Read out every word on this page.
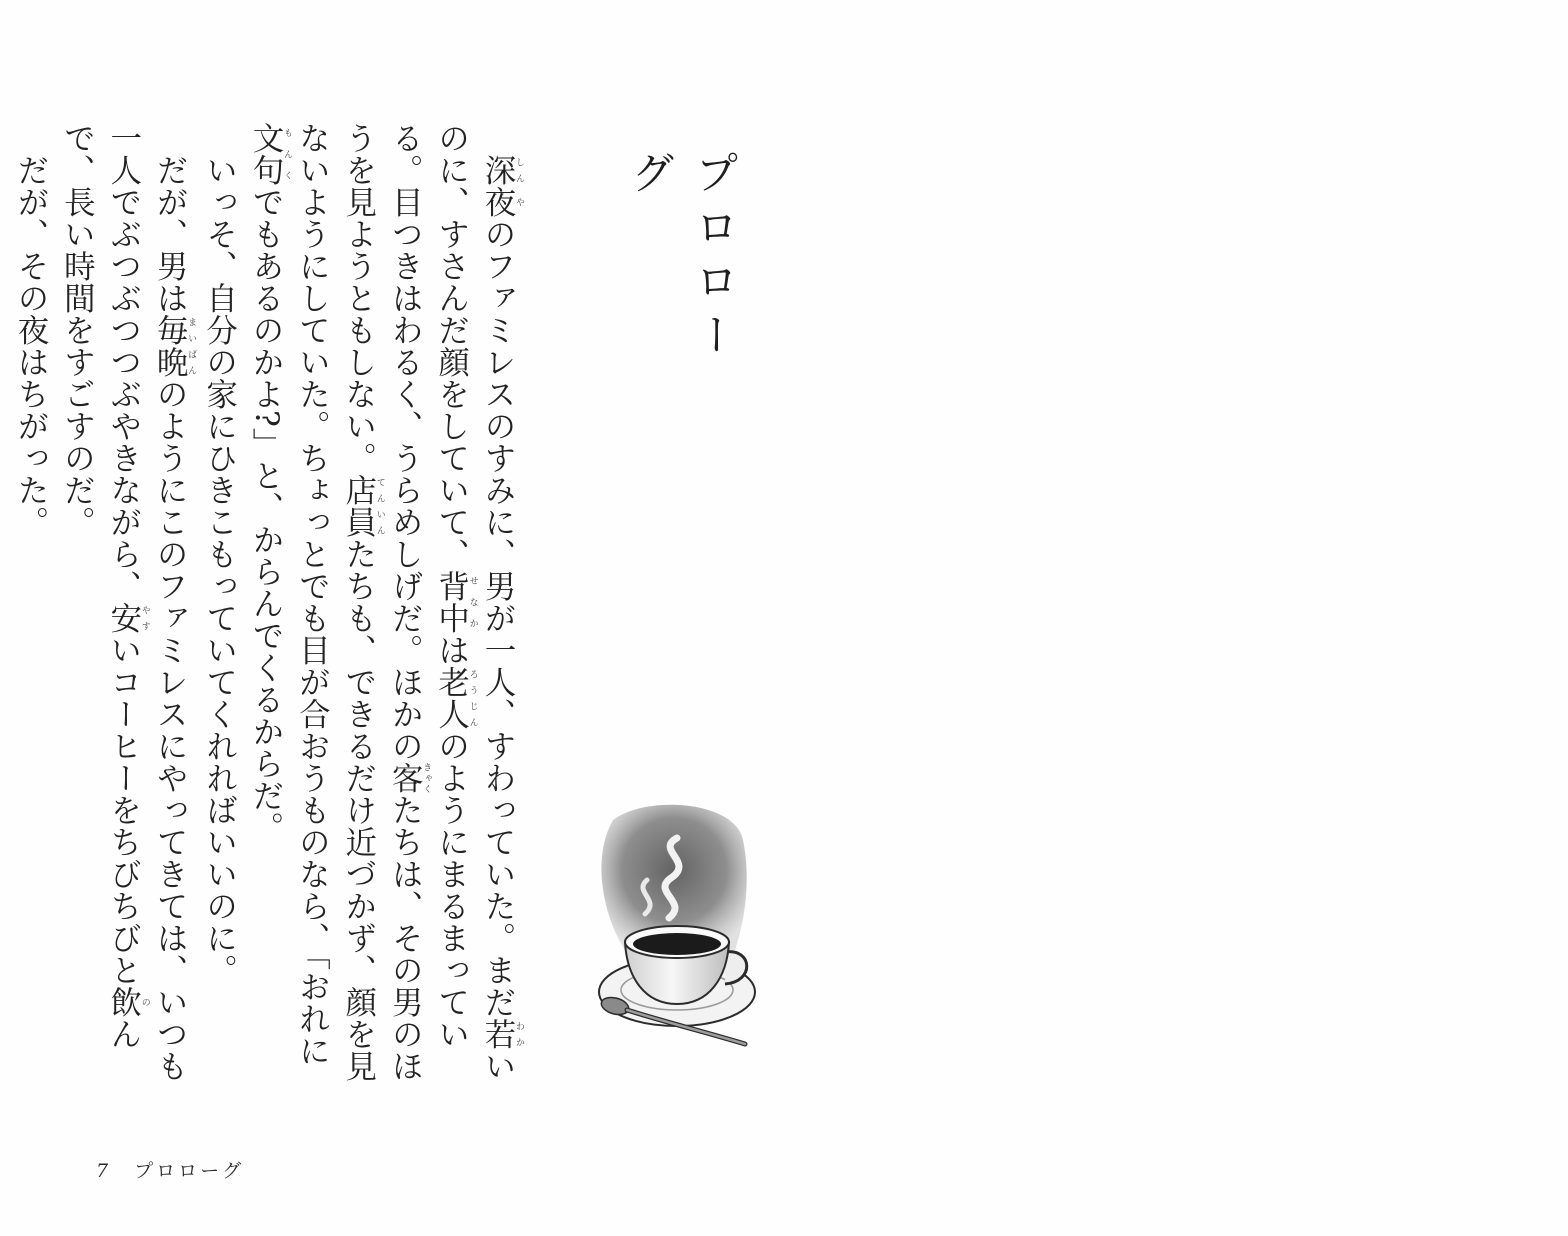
プロローグ

深しん夜やのファミレスのすみに、男が一人、すわっていた。まだ若わかいのに、すさんだ顔をしていて、背中せなかは老人ろうじんのようにまるまっている。目つきはわるく、うらめしげだ。ほかの客きゃくたちは、その男のほうを見ようともしない。店員てんいんたちも、できるだけ近づかず、顔を見ないようにしていた。ちょっとでも目が合おうものなら、「おれに文句もんくでもあるのかよ?」と、からんでくるからだ。

いっそ、自分の家にひきこもっていてくれればいいのに。

だが、男は毎晩まいばんのようにこのファミレスにやってきては、いつも一人でぶつぶつつぶやきながら、安やすいコーヒーをちびちびと飲のんで、長い時間をすごすのだ。

だが、その夜はちがった。

7 プロローグ
